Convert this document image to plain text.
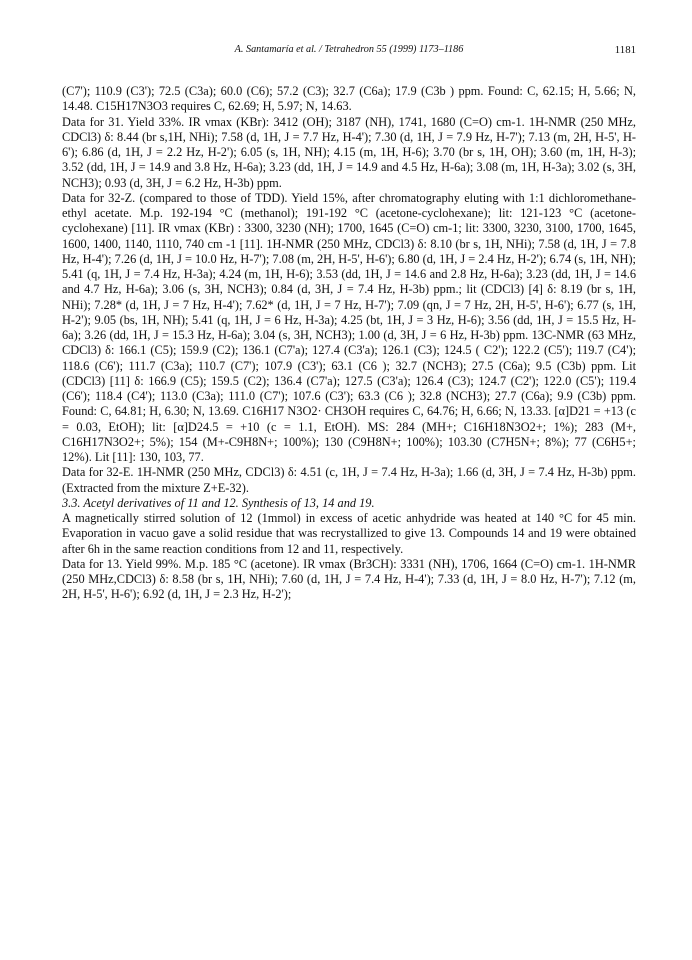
A. Santamaría et al. / Tetrahedron 55 (1999) 1173–1186	1181

(C7'); 110.9 (C3'); 72.5 (C3a); 60.0 (C6); 57.2 (C3); 32.7 (C6a); 17.9 (C3b ) ppm. Found: C, 62.15; H, 5.66; N, 14.48. C15H17N3O3 requires C, 62.69; H, 5.97; N, 14.63.

Data for 31. Yield 33%. IR νmax (KBr): 3412 (OH); 3187 (NH), 1741, 1680 (C=O) cm-1. 1H-NMR (250 MHz, CDCl3) δ: 8.44 (br s,1H, NHi); 7.58 (d, 1H, J = 7.7 Hz, H-4'); 7.30 (d, 1H, J = 7.9 Hz, H-7'); 7.13 (m, 2H, H-5', H-6'); 6.86 (d, 1H, J = 2.2 Hz, H-2'); 6.05 (s, 1H, NH); 4.15 (m, 1H, H-6); 3.70 (br s, 1H, OH); 3.60 (m, 1H, H-3); 3.52 (dd, 1H, J = 14.9 and 3.8 Hz, H-6a); 3.23 (dd, 1H, J = 14.9 and 4.5 Hz, H-6a); 3.08 (m, 1H, H-3a); 3.02 (s, 3H, NCH3); 0.93 (d, 3H, J = 6.2 Hz, H-3b) ppm.

Data for 32-Z. (compared to those of TDD). Yield 15%, after chromatography eluting with 1:1 dichloromethane-ethyl acetate. M.p. 192-194 °C (methanol); 191-192 °C (acetone-cyclohexane); lit: 121-123 °C (acetone-cyclohexane) [11]. IR νmax (KBr) : 3300, 3230 (NH); 1700, 1645 (C=O) cm-1; lit: 3300, 3230, 3100, 1700, 1645, 1600, 1400, 1140, 1110, 740 cm -1 [11]. 1H-NMR (250 MHz, CDCl3) δ: 8.10 (br s, 1H, NHi); 7.58 (d, 1H, J = 7.8 Hz, H-4'); 7.26 (d, 1H, J = 10.0 Hz, H-7'); 7.08 (m, 2H, H-5', H-6'); 6.80 (d, 1H, J = 2.4 Hz, H-2'); 6.74 (s, 1H, NH); 5.41 (q, 1H, J = 7.4 Hz, H-3a); 4.24 (m, 1H, H-6); 3.53 (dd, 1H, J = 14.6 and 2.8 Hz, H-6a); 3.23 (dd, 1H, J = 14.6 and 4.7 Hz, H-6a); 3.06 (s, 3H, NCH3); 0.84 (d, 3H, J = 7.4 Hz, H-3b) ppm.; lit (CDCl3) [4] δ: 8.19 (br s, 1H, NHi); 7.28* (d, 1H, J = 7 Hz, H-4'); 7.62* (d, 1H, J = 7 Hz, H-7'); 7.09 (qn, J = 7 Hz, 2H, H-5', H-6'); 6.77 (s, 1H, H-2'); 9.05 (bs, 1H, NH); 5.41 (q, 1H, J = 6 Hz, H-3a); 4.25 (bt, 1H, J = 3 Hz, H-6); 3.56 (dd, 1H, J = 15.5 Hz, H-6a); 3.26 (dd, 1H, J = 15.3 Hz, H-6a); 3.04 (s, 3H, NCH3); 1.00 (d, 3H, J = 6 Hz, H-3b) ppm. 13C-NMR (63 MHz, CDCl3) δ: 166.1 (C5); 159.9 (C2); 136.1 (C7'a); 127.4 (C3'a); 126.1 (C3); 124.5 ( C2'); 122.2 (C5'); 119.7 (C4'); 118.6 (C6'); 111.7 (C3a); 110.7 (C7'); 107.9 (C3'); 63.1 (C6 ); 32.7 (NCH3); 27.5 (C6a); 9.5 (C3b) ppm. Lit (CDCl3) [11] δ: 166.9 (C5); 159.5 (C2); 136.4 (C7'a); 127.5 (C3'a); 126.4 (C3); 124.7 (C2'); 122.0 (C5'); 119.4 (C6'); 118.4 (C4'); 113.0 (C3a); 111.0 (C7'); 107.6 (C3'); 63.3 (C6 ); 32.8 (NCH3); 27.7 (C6a); 9.9 (C3b) ppm. Found: C, 64.81; H, 6.30; N, 13.69. C16H17 N3O2· CH3OH requires C, 64.76; H, 6.66; N, 13.33. [α]D21 = +13 (c = 0.03, EtOH); lit: [α]D24.5 = +10 (c = 1.1, EtOH). MS: 284 (MH+; C16H18N3O2+; 1%); 283 (M+, C16H17N3O2+; 5%); 154 (M+-C9H8N+; 100%); 130 (C9H8N+; 100%); 103.30 (C7H5N+; 8%); 77 (C6H5+; 12%). Lit [11]: 130, 103, 77.

Data for 32-E. 1H-NMR (250 MHz, CDCl3) δ: 4.51 (c, 1H, J = 7.4 Hz, H-3a); 1.66 (d, 3H, J = 7.4 Hz, H-3b) ppm. (Extracted from the mixture Z+E-32).

3.3. Acetyl derivatives of 11 and 12. Synthesis of 13, 14 and 19.

A magnetically stirred solution of 12 (1mmol) in excess of acetic anhydride was heated at 140 °C for 45 min. Evaporation in vacuo gave a solid residue that was recrystallized to give 13. Compounds 14 and 19 were obtained after 6h in the same reaction conditions from 12 and 11, respectively.

Data for 13. Yield 99%. M.p. 185 °C (acetone). IR νmax (Br3CH): 3331 (NH), 1706, 1664 (C=O) cm-1. 1H-NMR (250 MHz,CDCl3) δ: 8.58 (br s, 1H, NHi); 7.60 (d, 1H, J = 7.4 Hz, H-4'); 7.33 (d, 1H, J = 8.0 Hz, H-7'); 7.12 (m, 2H, H-5', H-6'); 6.92 (d, 1H, J = 2.3 Hz, H-2');
